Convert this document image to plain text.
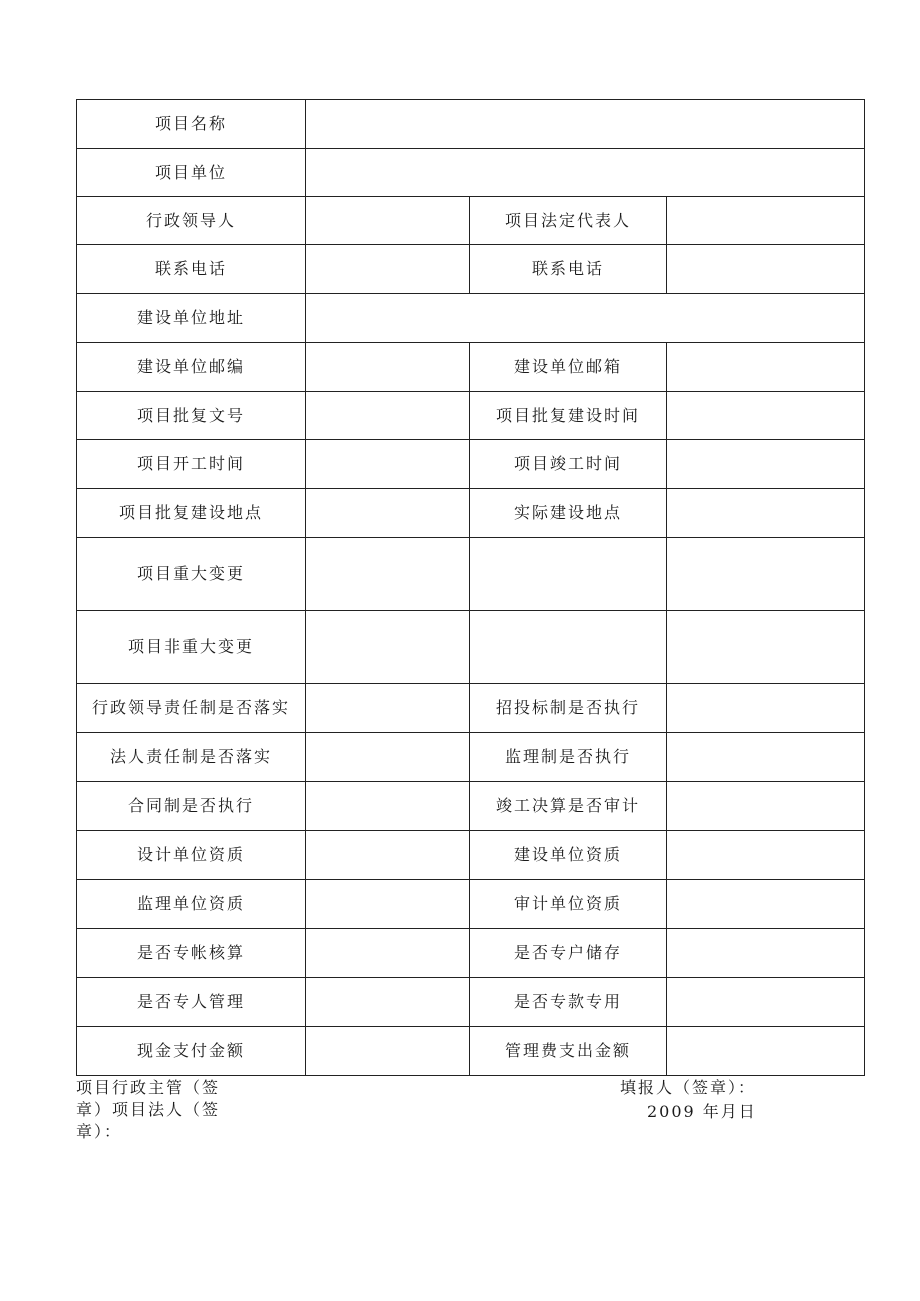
项目名称			
项目单位			
行政领导人		项目法定代表人	
联系电话		联系电话	
建设单位地址			
建设单位邮编		建设单位邮箱	
项目批复文号		项目批复建设时间	
项目开工时间		项目竣工时间	
项目批复建设地点		实际建设地点	
项目重大变更			
项目非重大变更			
行政领导责任制是否落实		招投标制是否执行	
法人责任制是否落实		监理制是否执行	
合同制是否执行		竣工决算是否审计	
设计单位资质		建设单位资质	
监理单位资质		审计单位资质	
是否专帐核算		是否专户储存	
是否专人管理		是否专款专用	
现金支付金额		管理费支出金额	
项目行政主管（签
章）项目法人（签
章）：
填报人（签章）：
2009 年月日
